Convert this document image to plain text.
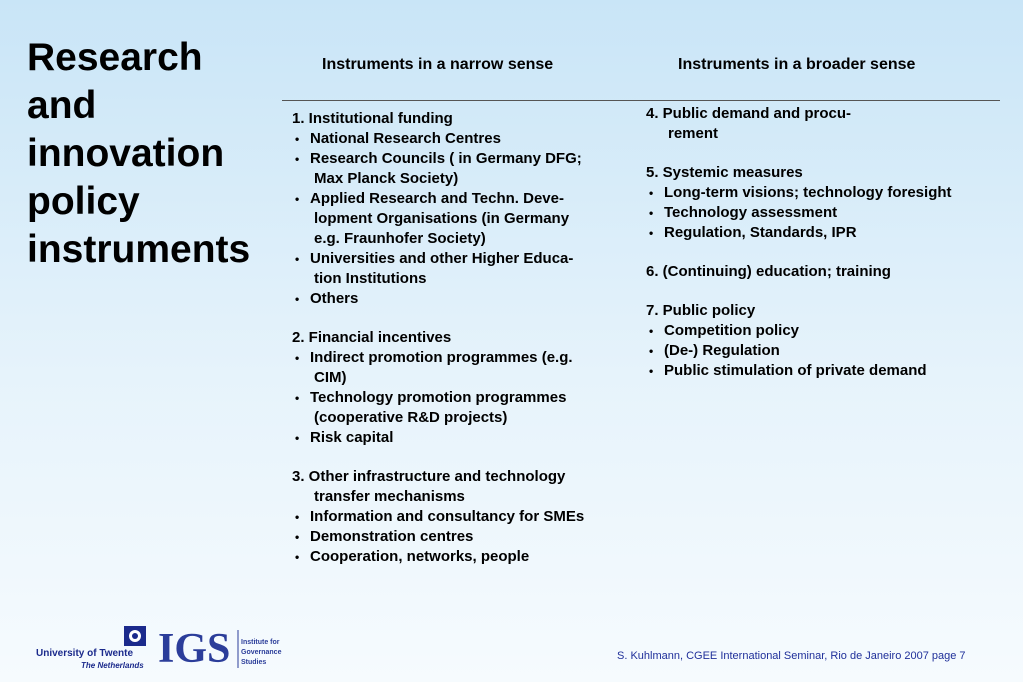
Research
and
innovation
policy
instruments
Instruments in a narrow sense	Instruments in a broader sense
1. Institutional funding
• National Research Centres
• Research Councils ( in Germany DFG;
Max Planck Society)
• Applied Research and Techn. Deve-
lopment Organisations (in Germany
e.g. Fraunhofer Society)
• Universities and other Higher Educa-
tion Institutions
• Others
2. Financial incentives
• Indirect promotion programmes (e.g.
CIM)
• Technology promotion programmes
(cooperative R&D projects)
• Risk capital
3. Other infrastructure and technology
transfer mechanisms
• Information and consultancy for SMEs
• Demonstration centres
• Cooperation, networks, people
4. Public demand and procu-
rement
5. Systemic measures
• Long-term visions; technology foresight
• Technology assessment
• Regulation, Standards, IPR
6. (Continuing) education; training
7. Public policy
• Competition policy
• (De-) Regulation
• Public stimulation of private demand
University of Twente
The Netherlands IGS Institute for
Governance
Studies
S. Kuhlmann, CGEE International Seminar, Rio de Janeiro 2007 page 7
